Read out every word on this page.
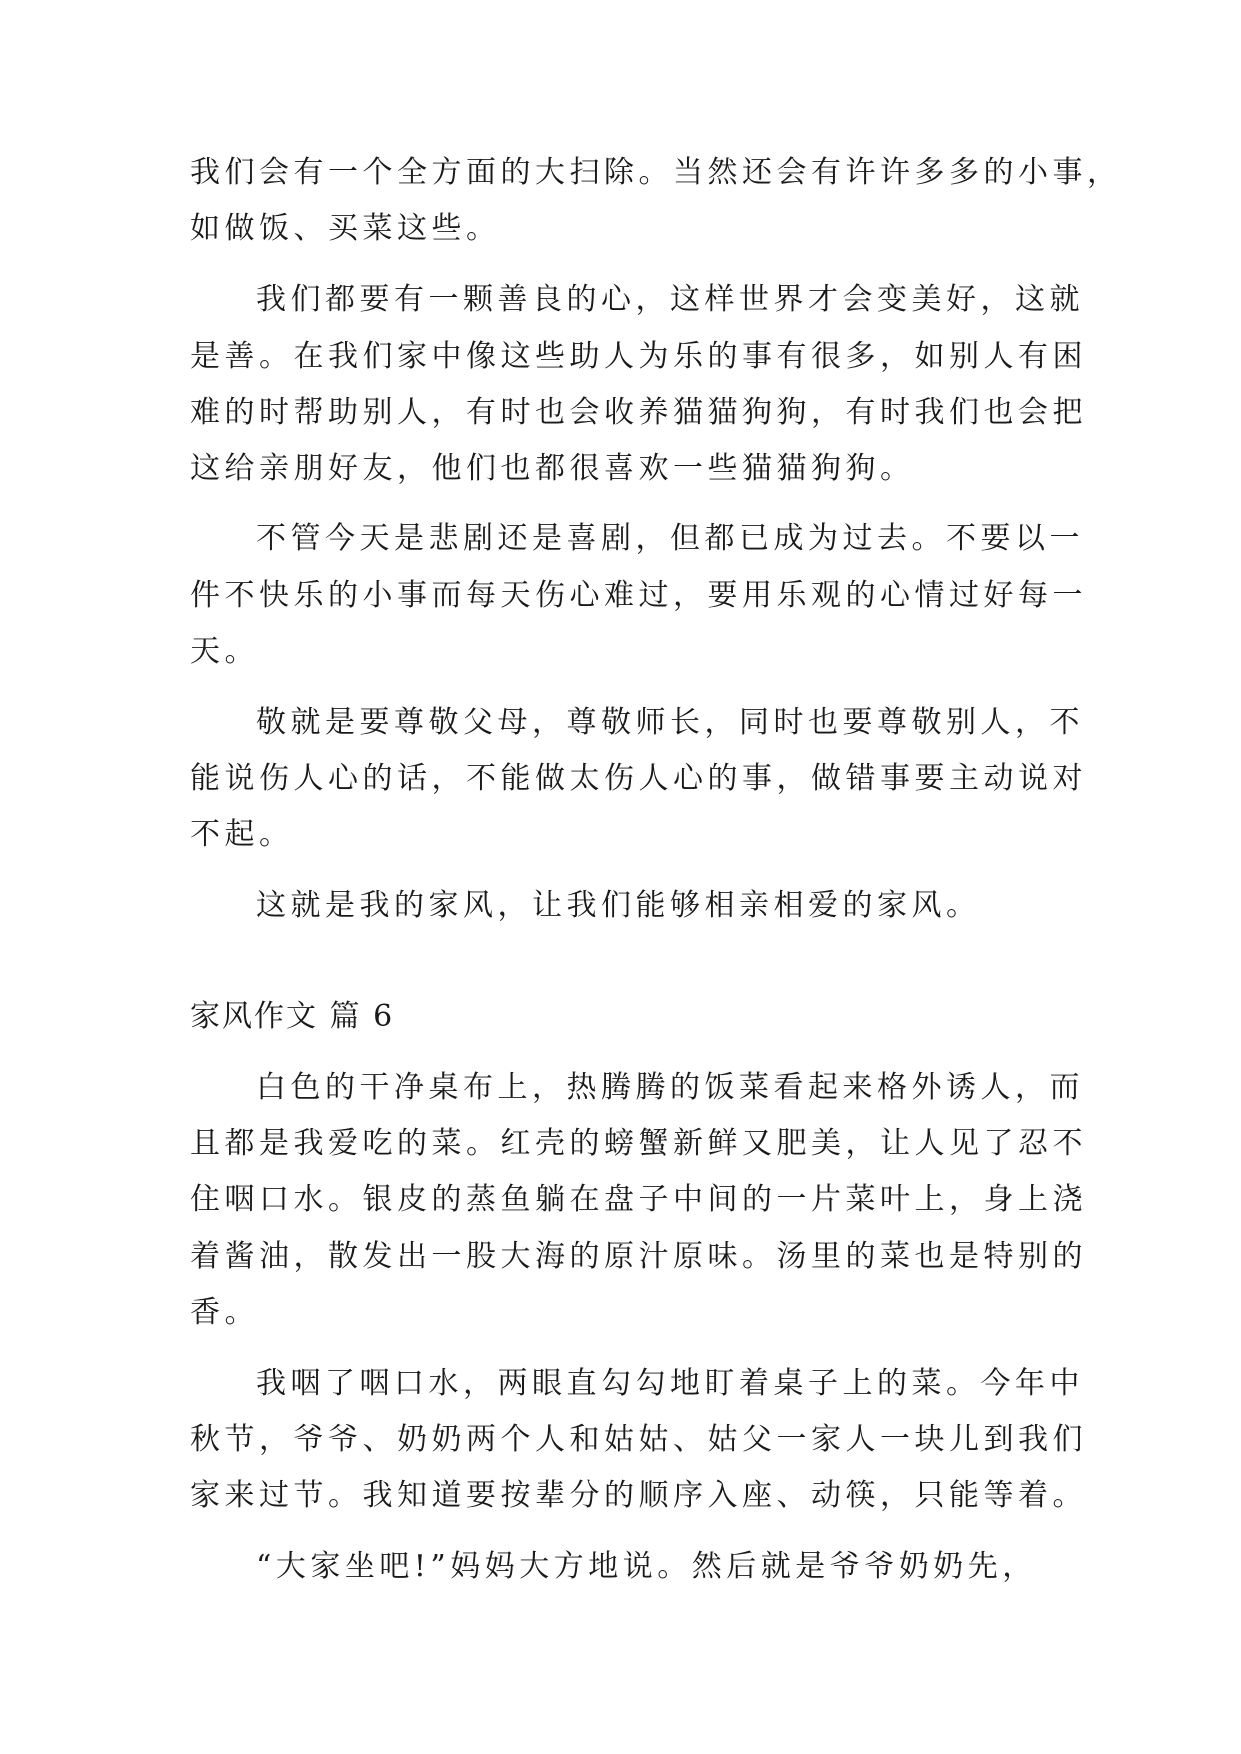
我们会有一个全方面的大扫除。当然还会有许许多多的小事，

如做饭、买菜这些。

我们都要有一颗善良的心，这样世界才会变美好，这就

是善。在我们家中像这些助人为乐的事有很多，如别人有困

难的时帮助别人，有时也会收养猫猫狗狗，有时我们也会把

这给亲朋好友，他们也都很喜欢一些猫猫狗狗。

不管今天是悲剧还是喜剧，但都已成为过去。不要以一

件不快乐的小事而每天伤心难过，要用乐观的心情过好每一

天。

敬就是要尊敬父母，尊敬师长，同时也要尊敬别人，不

能说伤人心的话，不能做太伤人心的事，做错事要主动说对

不起。

这就是我的家风，让我们能够相亲相爱的家风。

家风作文 篇 6

白色的干净桌布上，热腾腾的饭菜看起来格外诱人，而

且都是我爱吃的菜。红壳的螃蟹新鲜又肥美，让人见了忍不

住咽口水。银皮的蒸鱼躺在盘子中间的一片菜叶上，身上浇

着酱油，散发出一股大海的原汁原味。汤里的菜也是特别的

香。

我咽了咽口水，两眼直勾勾地盯着桌子上的菜。今年中

秋节，爷爷、奶奶两个人和姑姑、姑父一家人一块儿到我们

家来过节。我知道要按辈分的顺序入座、动筷，只能等着。

“大家坐吧!”妈妈大方地说。然后就是爷爷奶奶先，
